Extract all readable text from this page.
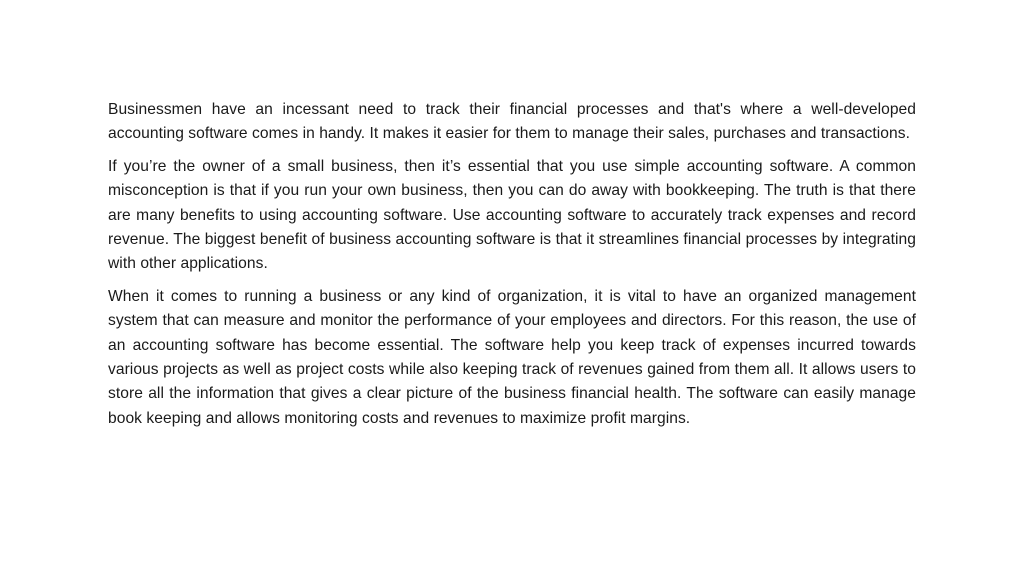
Businessmen have an incessant need to track their financial processes and that's where a well-developed accounting software comes in handy. It makes it easier for them to manage their sales, purchases and transactions.

If you’re the owner of a small business, then it’s essential that you use simple accounting software. A common misconception is that if you run your own business, then you can do away with bookkeeping. The truth is that there are many benefits to using accounting software. Use accounting software to accurately track expenses and record revenue. The biggest benefit of business accounting software is that it streamlines financial processes by integrating with other applications.

When it comes to running a business or any kind of organization, it is vital to have an organized management system that can measure and monitor the performance of your employees and directors. For this reason, the use of an accounting software has become essential. The software help you keep track of expenses incurred towards various projects as well as project costs while also keeping track of revenues gained from them all. It allows users to store all the information that gives a clear picture of the business financial health. The software can easily manage book keeping and allows monitoring costs and revenues to maximize profit margins.
